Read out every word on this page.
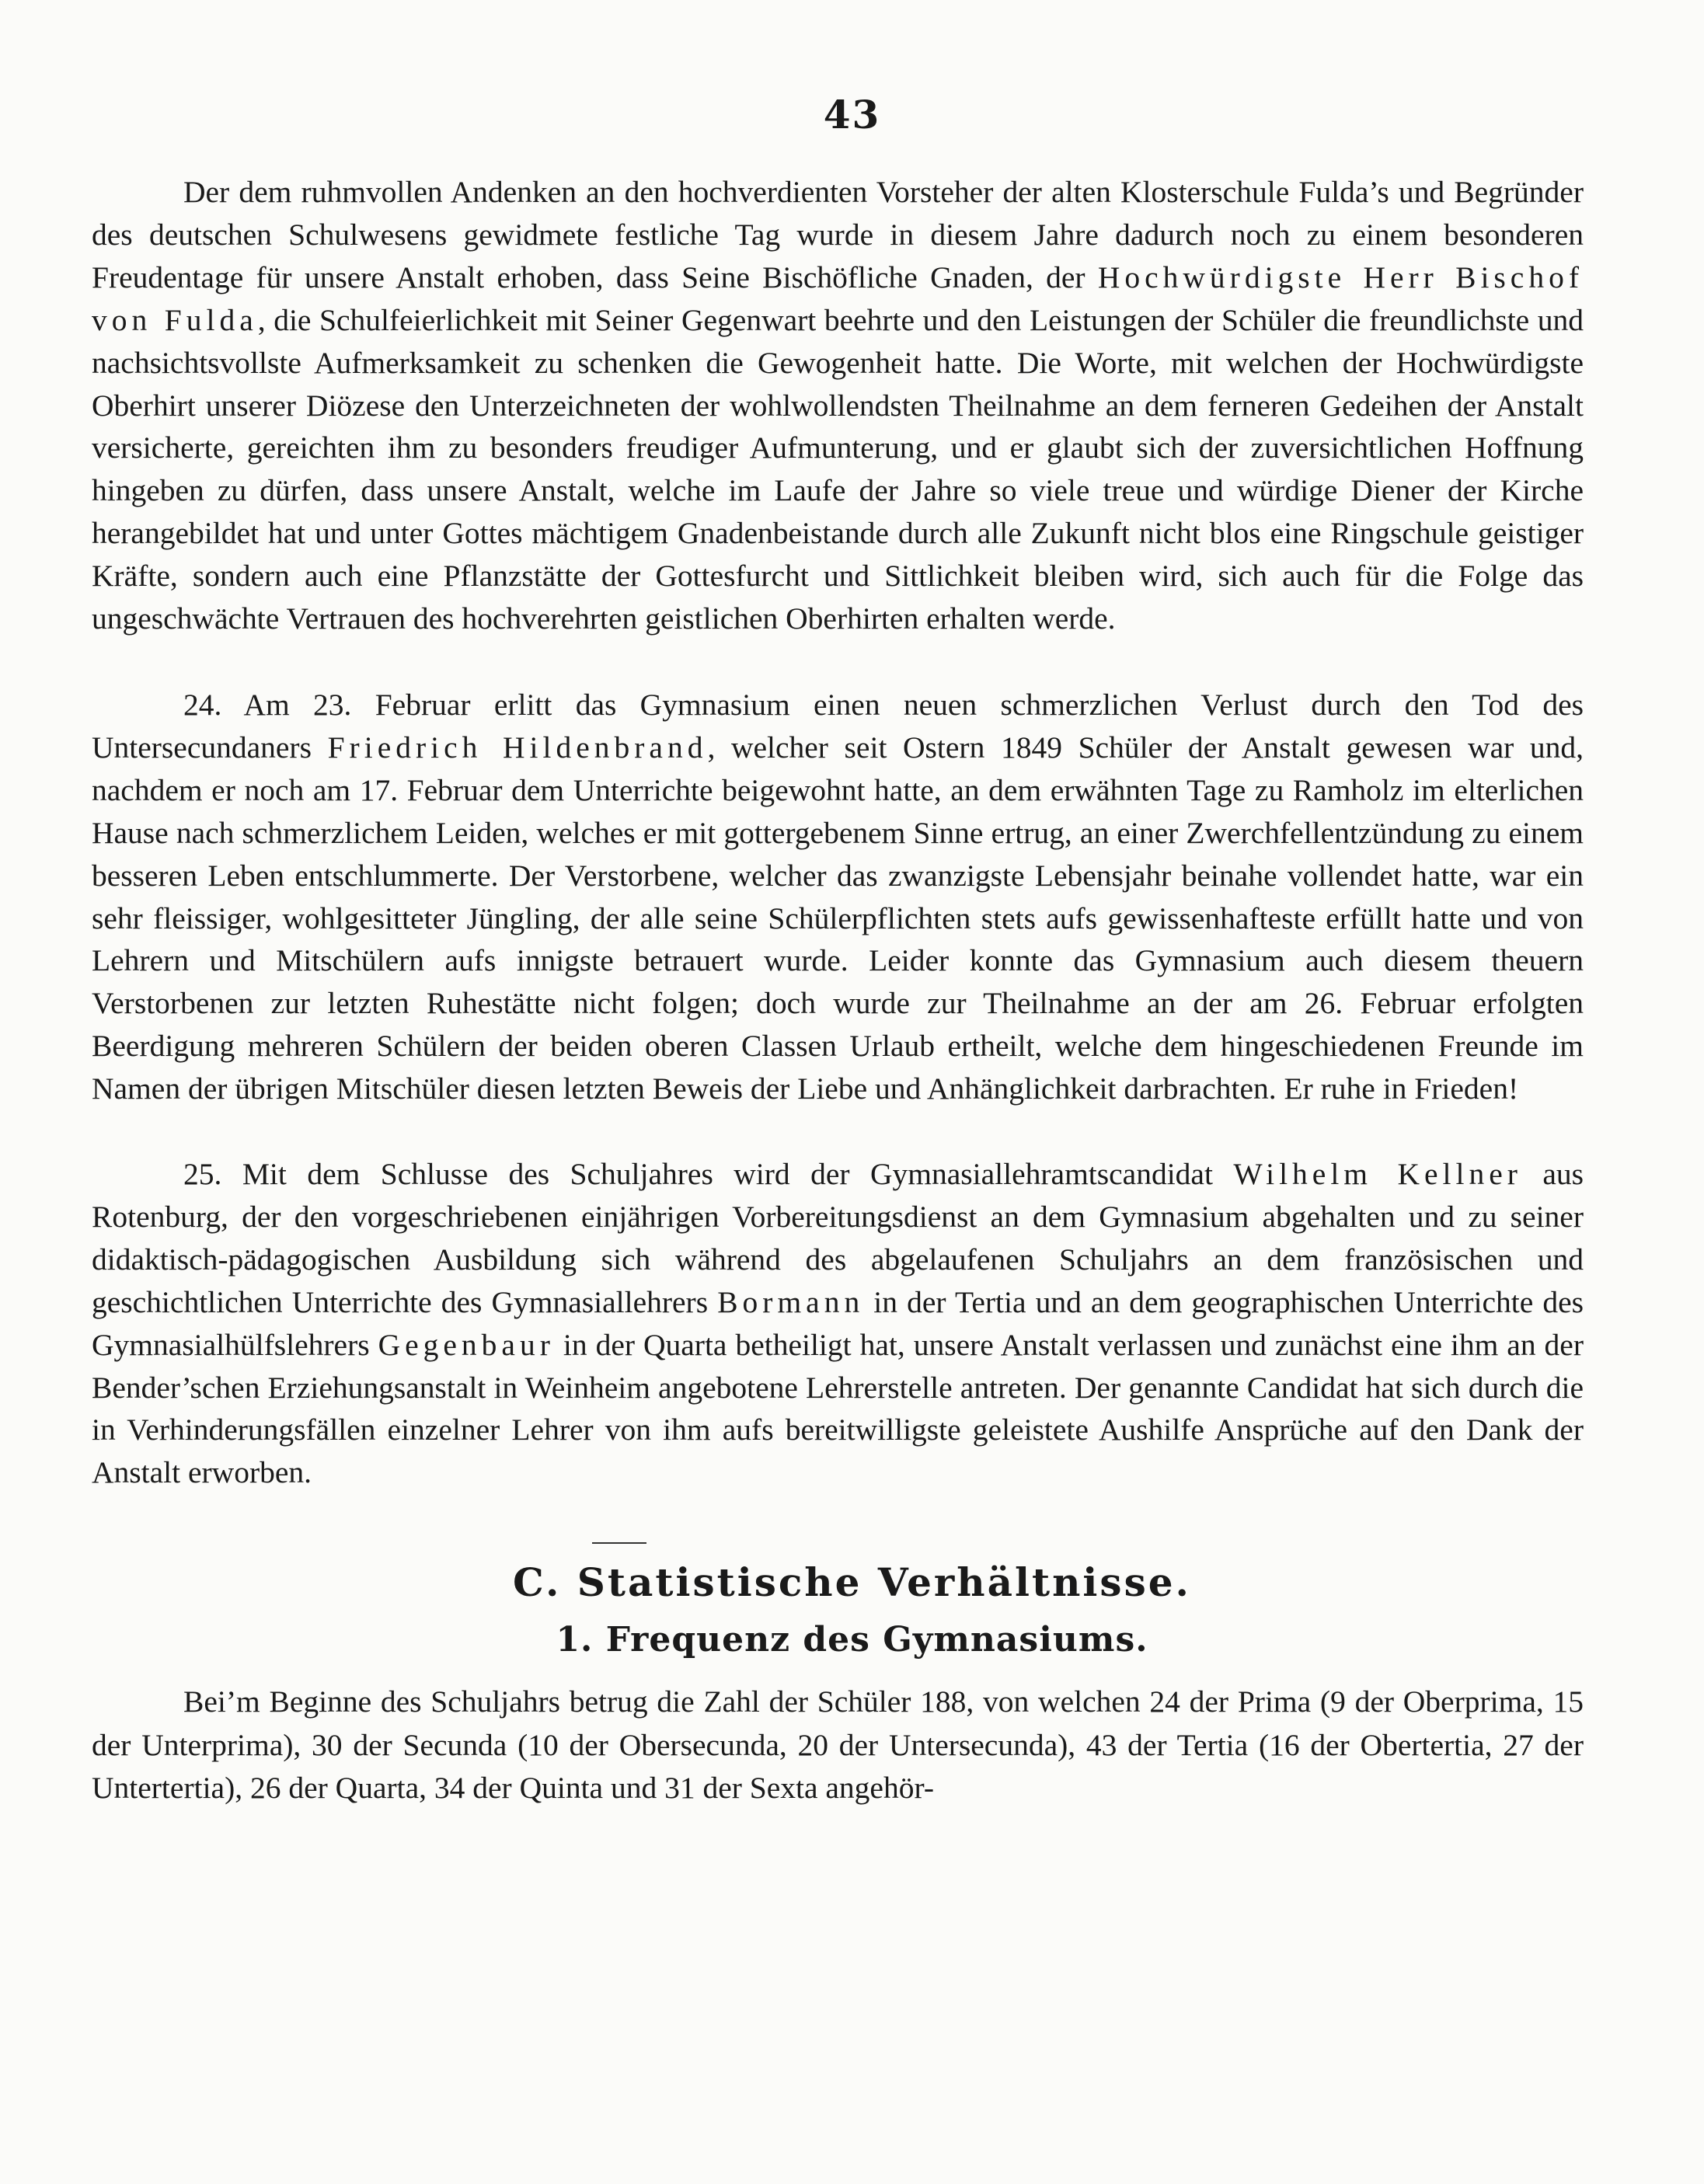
43

Der dem ruhmvollen Andenken an den hochverdienten Vorsteher der alten Klosterschule Fulda’s und Begründer des deutschen Schulwesens gewidmete festliche Tag wurde in diesem Jahre dadurch noch zu einem besonderen Freudentage für unsere Anstalt erhoben, dass Seine Bischöfliche Gnaden, der Hochwürdigste Herr Bischof von Fulda, die Schulfeierlichkeit mit Seiner Gegenwart beehrte und den Leistungen der Schüler die freundlichste und nachsichtsvollste Aufmerksamkeit zu schenken die Gewogenheit hatte. Die Worte, mit welchen der Hochwürdigste Oberhirt unserer Diözese den Unterzeichneten der wohlwollendsten Theilnahme an dem ferneren Gedeihen der Anstalt versicherte, gereichten ihm zu besonders freudiger Aufmunterung, und er glaubt sich der zuversichtlichen Hoffnung hingeben zu dürfen, dass unsere Anstalt, welche im Laufe der Jahre so viele treue und würdige Diener der Kirche herangebildet hat und unter Gottes mächtigem Gnadenbeistande durch alle Zukunft nicht blos eine Ringschule geistiger Kräfte, sondern auch eine Pflanzstätte der Gottesfurcht und Sittlichkeit bleiben wird, sich auch für die Folge das ungeschwächte Vertrauen des hochverehrten geistlichen Oberhirten erhalten werde.

24. Am 23. Februar erlitt das Gymnasium einen neuen schmerzlichen Verlust durch den Tod des Untersecundaners Friedrich Hildenbrand, welcher seit Ostern 1849 Schüler der Anstalt gewesen war und, nachdem er noch am 17. Februar dem Unterrichte beigewohnt hatte, an dem erwähnten Tage zu Ramholz im elterlichen Hause nach schmerzlichem Leiden, welches er mit gottergebenem Sinne ertrug, an einer Zwerchfellentzündung zu einem besseren Leben entschlummerte. Der Verstorbene, welcher das zwanzigste Lebensjahr beinahe vollendet hatte, war ein sehr fleissiger, wohlgesitteter Jüngling, der alle seine Schülerpflichten stets aufs gewissenhafteste erfüllt hatte und von Lehrern und Mitschülern aufs innigste betrauert wurde. Leider konnte das Gymnasium auch diesem theuern Verstorbenen zur letzten Ruhestätte nicht folgen; doch wurde zur Theilnahme an der am 26. Februar erfolgten Beerdigung mehreren Schülern der beiden oberen Classen Urlaub ertheilt, welche dem hingeschiedenen Freunde im Namen der übrigen Mitschüler diesen letzten Beweis der Liebe und Anhänglichkeit darbrachten. Er ruhe in Frieden!

25. Mit dem Schlusse des Schuljahres wird der Gymnasiallehramtscandidat Wilhelm Kellner aus Rotenburg, der den vorgeschriebenen einjährigen Vorbereitungsdienst an dem Gymnasium abgehalten und zu seiner didaktisch-pädagogischen Ausbildung sich während des abgelaufenen Schuljahrs an dem französischen und geschichtlichen Unterrichte des Gymnasiallehrers Bormann in der Tertia und an dem geographischen Unterrichte des Gymnasialhülfslehrers Gegenbaur in der Quarta betheiligt hat, unsere Anstalt verlassen und zunächst eine ihm an der Bender’schen Erziehungsanstalt in Weinheim angebotene Lehrerstelle antreten. Der genannte Candidat hat sich durch die in Verhinderungsfällen einzelner Lehrer von ihm aufs bereitwilligste geleistete Aushilfe Ansprüche auf den Dank der Anstalt erworben.

C. Statistische Verhältnisse.
1. Frequenz des Gymnasiums.

Bei’m Beginne des Schuljahrs betrug die Zahl der Schüler 188, von welchen 24 der Prima (9 der Oberprima, 15 der Unterprima), 30 der Secunda (10 der Obersecunda, 20 der Untersecunda), 43 der Tertia (16 der Obertertia, 27 der Untertertia), 26 der Quarta, 34 der Quinta und 31 der Sexta angehör-
